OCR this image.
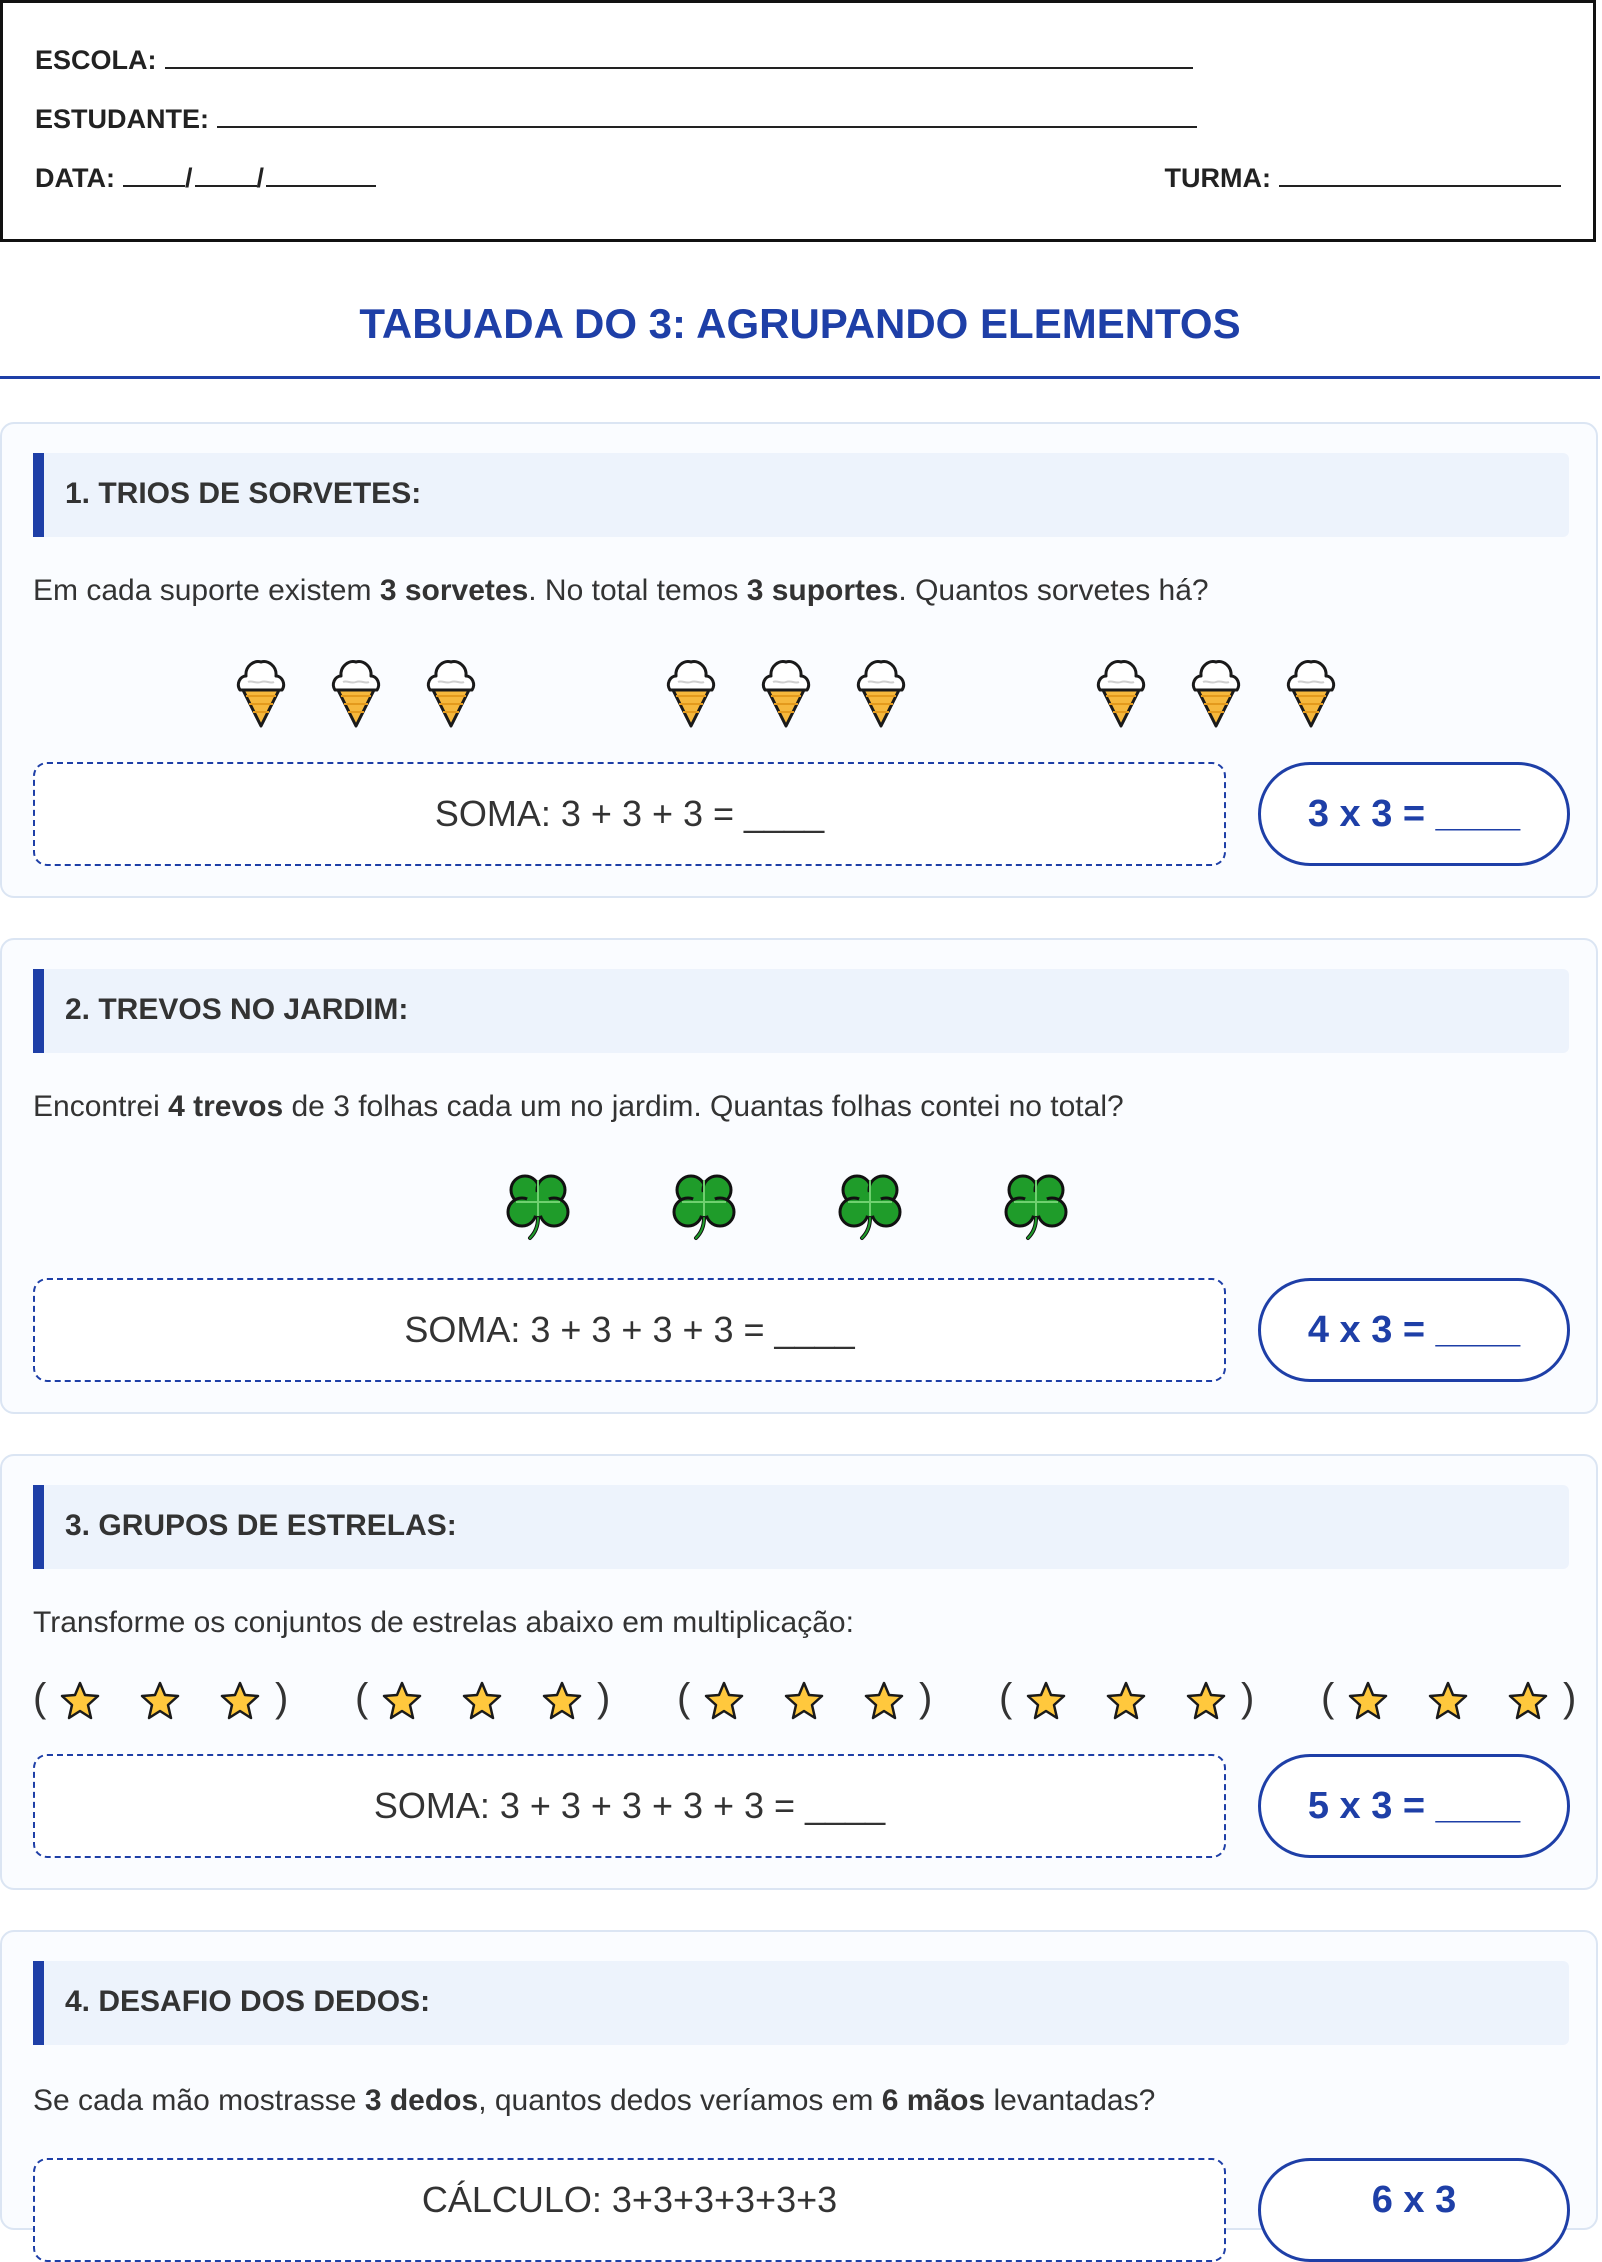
ESCOLA:
ESTUDANTE:
DATA:	/ /	TURMA:
TABUADA DO 3: AGRUPANDO ELEMENTOS
1. TRIOS DE SORVETES:
Em cada suporte existem 3 sorvetes. No total temos 3 suportes. Quantos sorvetes há?
SOMA: 3 + 3 + 3 = ____	3 x 3 = ____
2. TREVOS NO JARDIM:
Encontrei 4 trevos de 3 folhas cada um no jardim. Quantas folhas contei no total?
SOMA: 3 + 3 + 3 + 3 = ____	4 x 3 = ____
3. GRUPOS DE ESTRELAS:
Transforme os conjuntos de estrelas abaixo em multiplicação:
(	) (	) (	) (	) (	)
SOMA: 3 + 3 + 3 + 3 + 3 = ____	5 x 3 = ____
4. DESAFIO DOS DEDOS:
Se cada mão mostrasse 3 dedos, quantos dedos veríamos em 6 mãos levantadas?
CÁLCULO: 3+3+3+3+3+3	6 x 3
